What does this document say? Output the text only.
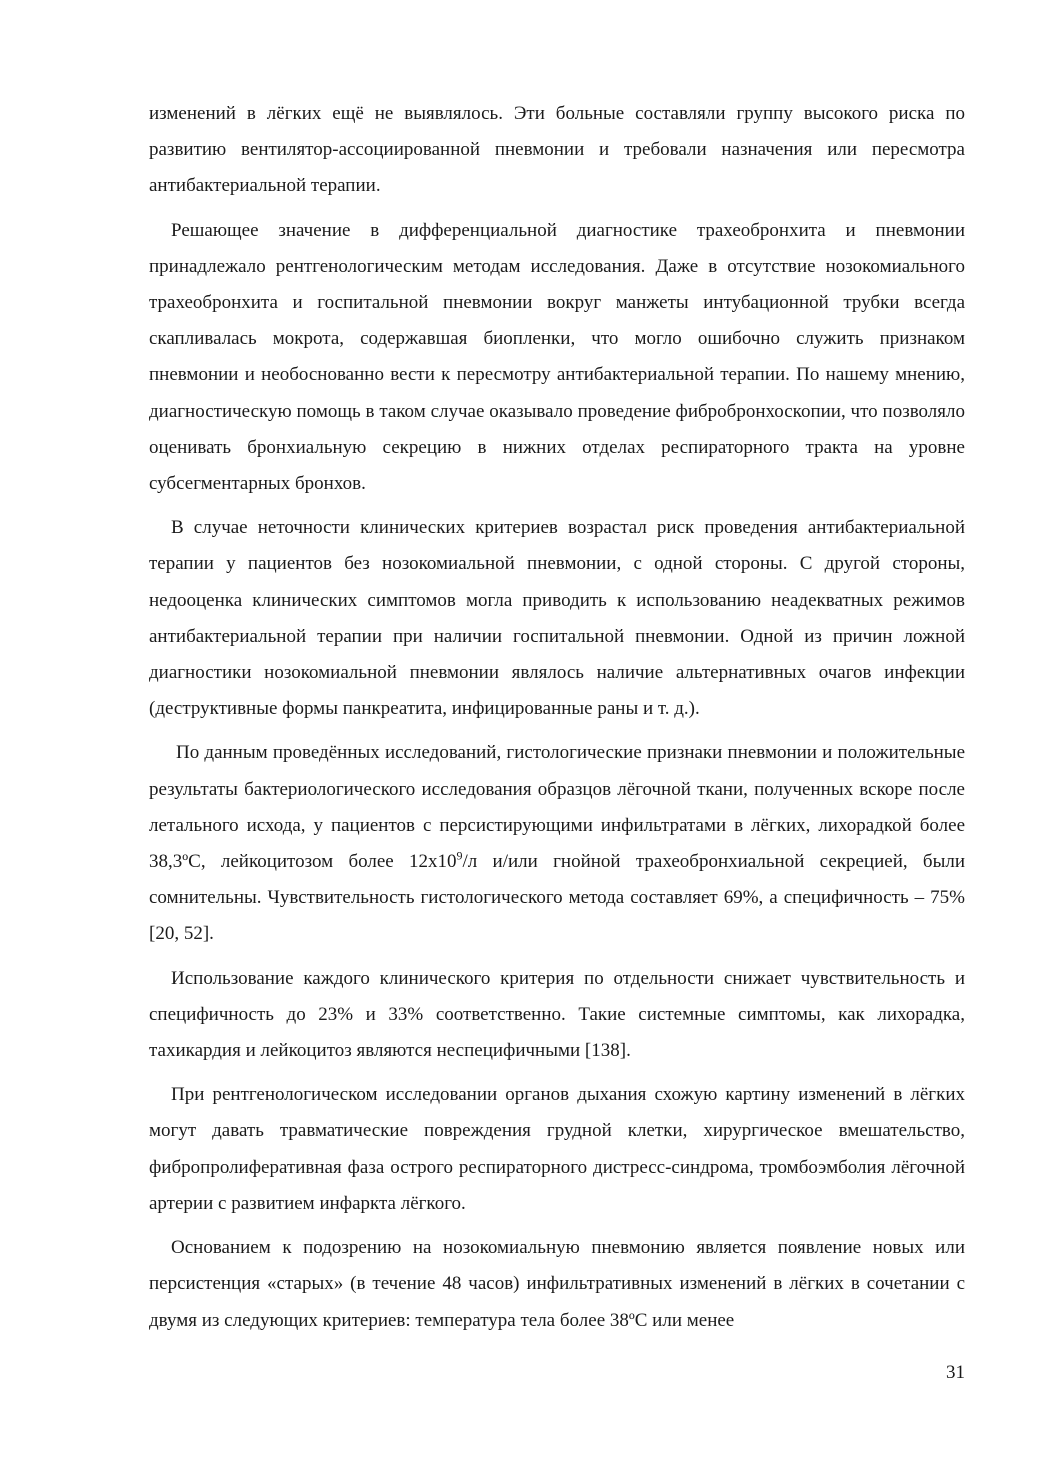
изменений в лёгких ещё не выявлялось. Эти больные составляли группу высокого риска по развитию вентилятор-ассоциированной пневмонии и требовали назначения или пересмотра антибактериальной терапии.

Решающее значение в дифференциальной диагностике трахеобронхита и пневмонии принадлежало рентгенологическим методам исследования. Даже в отсутствие нозокомиального трахеобронхита и госпитальной пневмонии вокруг манжеты интубационной трубки всегда скапливалась мокрота, содержавшая биопленки, что могло ошибочно служить признаком пневмонии и необоснованно вести к пересмотру антибактериальной терапии. По нашему мнению, диагностическую помощь в таком случае оказывало проведение фибробронхоскопии, что позволяло оценивать бронхиальную секрецию в нижних отделах респираторного тракта на уровне субсегментарных бронхов.

В случае неточности клинических критериев возрастал риск проведения антибактериальной терапии у пациентов без нозокомиальной пневмонии, с одной стороны. С другой стороны, недооценка клинических симптомов могла приводить к использованию неадекватных режимов антибактериальной терапии при наличии госпитальной пневмонии. Одной из причин ложной диагностики нозокомиальной пневмонии являлось наличие альтернативных очагов инфекции (деструктивные формы панкреатита, инфицированные раны и т. д.).

По данным проведённых исследований, гистологические признаки пневмонии и положительные результаты бактериологического исследования образцов лёгочной ткани, полученных вскоре после летального исхода, у пациентов с персистирующими инфильтратами в лёгких, лихорадкой более 38,3ºС, лейкоцитозом более $12х10^9/л$ и/или гнойной трахеобронхиальной секрецией, были сомнительны. Чувствительность гистологического метода составляет 69%, а специфичность – 75% [20, 52].

Использование каждого клинического критерия по отдельности снижает чувствительность и специфичность до 23% и 33% соответственно. Такие системные симптомы, как лихорадка, тахикардия и лейкоцитоз являются неспецифичными [138].

При рентгенологическом исследовании органов дыхания схожую картину изменений в лёгких могут давать травматические повреждения грудной клетки, хирургическое вмешательство, фибропролиферативная фаза острого респираторного дистресс-синдрома, тромбоэмболия лёгочной артерии с развитием инфаркта лёгкого.

Основанием к подозрению на нозокомиальную пневмонию является появление новых или персистенция «старых» (в течение 48 часов) инфильтративных изменений в лёгких в сочетании с двумя из следующих критериев: температура тела более 38ºС или менее

31
